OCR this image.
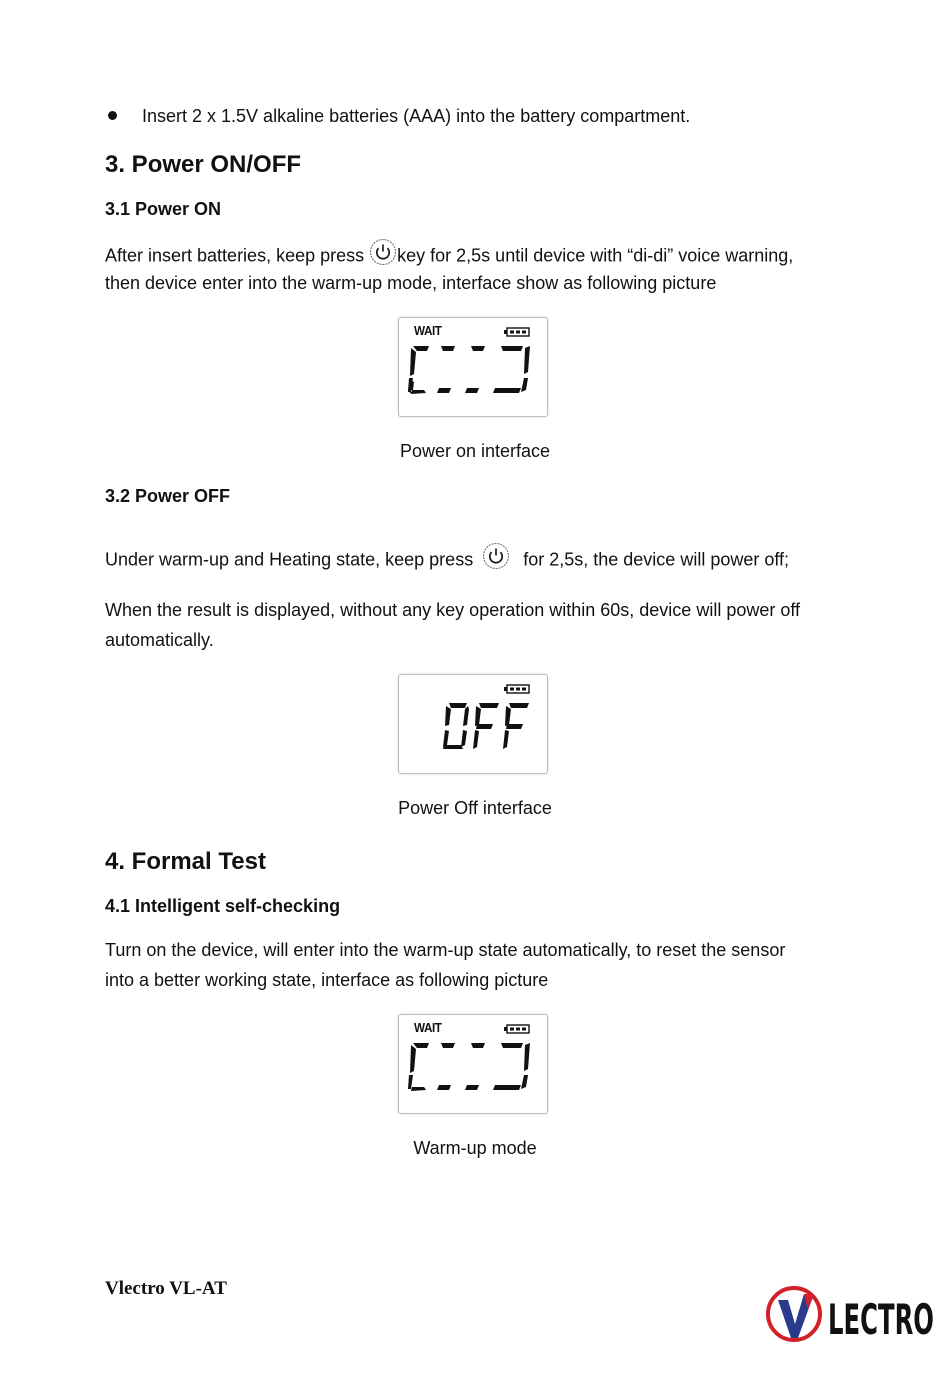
Insert 2 x 1.5V alkaline batteries (AAA) into the battery compartment.
3. Power ON/OFF
3.1 Power ON
After insert batteries, keep press key for 2,5s until device with “di-di” voice warning,
then device enter into the warm-up mode, interface show as following picture
WAIT
Power on interface
3.2 Power OFF
Under warm-up and Heating state, keep press	for 2,5s, the device will power off;
When the result is displayed, without any key operation within 60s, device will power off
automatically.
Power Off interface
4. Formal Test
4.1 Intelligent self-checking
Turn on the device, will enter into the warm-up state automatically, to reset the sensor
into a better working state, interface as following picture
WAIT
Warm-up mode
Vlectro VL-AT
LECTRO
